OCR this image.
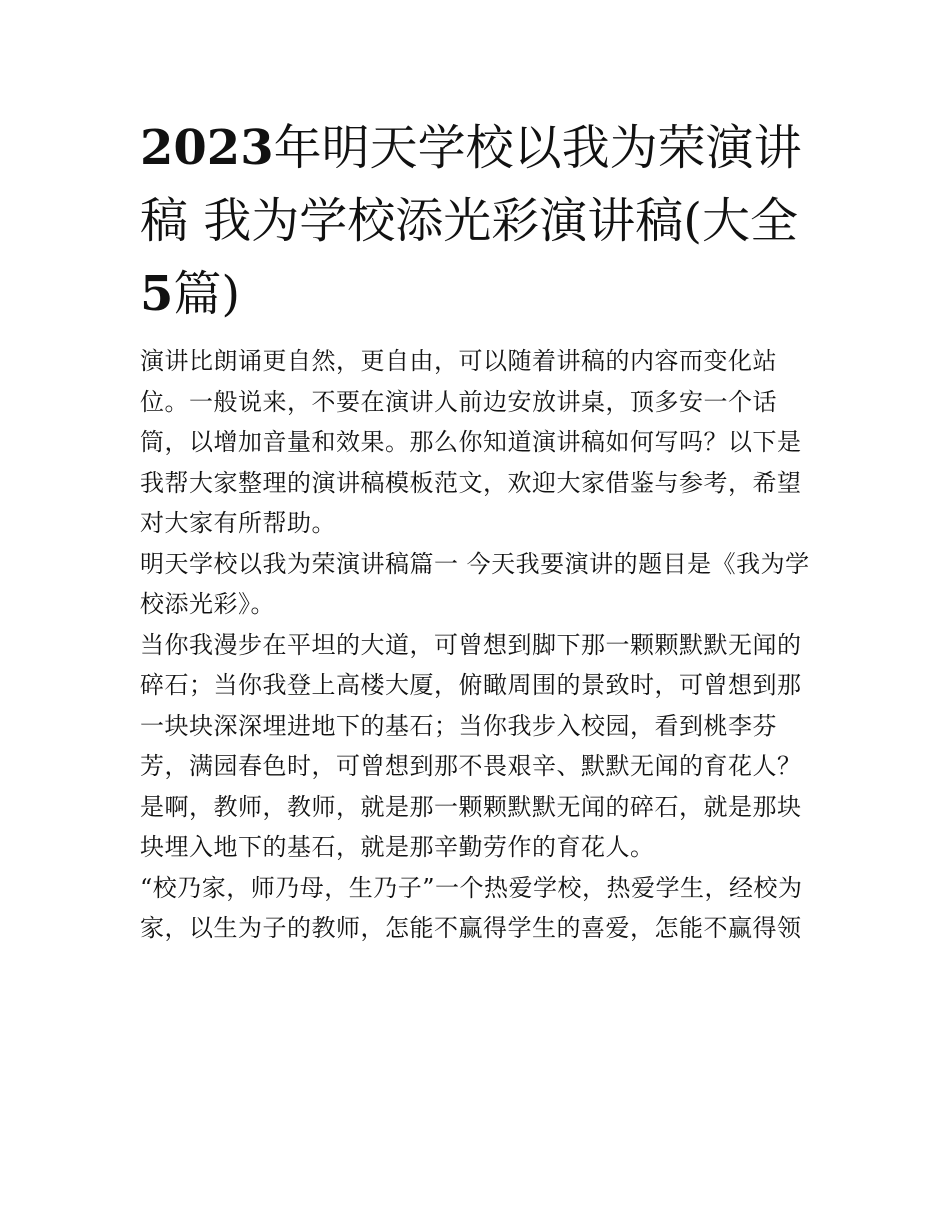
2023年明天学校以我为荣演讲稿 我为学校添光彩演讲稿(大全5篇)

演讲比朗诵更自然，更自由，可以随着讲稿的内容而变化站位。一般说来，不要在演讲人前边安放讲桌，顶多安一个话筒，以增加音量和效果。那么你知道演讲稿如何写吗？以下是我帮大家整理的演讲稿模板范文，欢迎大家借鉴与参考，希望对大家有所帮助。

明天学校以我为荣演讲稿篇一 今天我要演讲的题目是《我为学校添光彩》。

当你我漫步在平坦的大道，可曾想到脚下那一颗颗默默无闻的碎石；当你我登上高楼大厦，俯瞰周围的景致时，可曾想到那一块块深深埋进地下的基石；当你我步入校园，看到桃李芬芳，满园春色时，可曾想到那不畏艰辛、默默无闻的育花人？是啊，教师，教师，就是那一颗颗默默无闻的碎石，就是那块块埋入地下的基石，就是那辛勤劳作的育花人。

“校乃家，师乃母，生乃子”一个热爱学校，热爱学生，经校为家，以生为子的教师，怎能不赢得学生的喜爱，怎能不赢得领
